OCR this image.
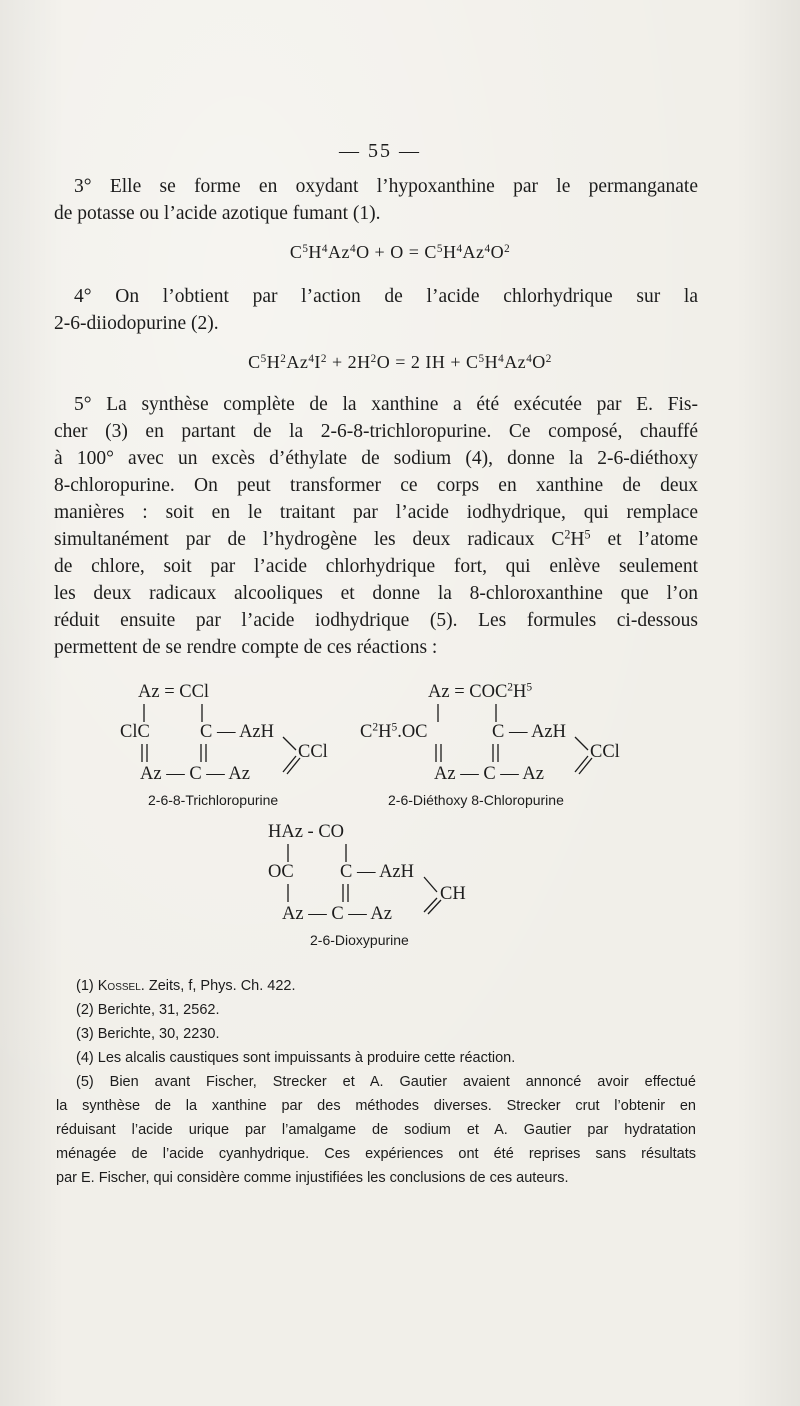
— 55 —
3° Elle se forme en oxydant l’hypoxanthine par le permanganate
de potasse ou l’acide azotique fumant (1).
$C^5H^4Az^4O + O = C^5H^4Az^4O^2$
4° On l’obtient par l’action de l’acide chlorhydrique sur la
2-6-diiodopurine (2).
$C^5H^2Az^4I^2 + 2H^2O = 2$ IH + $C^5H^4Az^4O^2$
5° La synthèse complète de la xanthine a été exécutée par E. Fis-
cher (3) en partant de la 2-6-8-trichloropurine. Ce composé, chauffé
à 100° avec un excès d’éthylate de sodium (4), donne la 2-6-diéthoxy
8-chloropurine. On peut transformer ce corps en xanthine de deux
manières : soit en le traitant par l’acide iodhydrique, qui remplace
simultanément par de l’hydrogène les deux radicaux $C^2H^5$ et l’atome
de chlore, soit par l’acide chlorhydrique fort, qui enlève seulement
les deux radicaux alcooliques et donne la 8-chloroxanthine que l’on
réduit ensuite par l’acide iodhydrique (5). Les formules ci-dessous
permettent de se rendre compte de ces réactions :
Az = CCl
ClC	C — AzH
CCl
Az — C — Az
2-6-8-Trichloropurine
$Az = COC^2H^5$
$C^2H^5.OC$	C — AzH
CCl
Az — C — Az
2-6-Diéthoxy 8-Chloropurine
HAz - CO
OC	C — AzH
CH
Az — C — Az
2-6-Dioxypurine
(1) Kossel. Zeits, f, Phys. Ch. 422.
(2) Berichte, 31, 2562.
(3) Berichte, 30, 2230.
(4) Les alcalis caustiques sont impuissants à produire cette réaction.
(5) Bien avant Fischer, Strecker et A. Gautier avaient annoncé avoir effectué
la synthèse de la xanthine par des méthodes diverses. Strecker crut l’obtenir en
réduisant l’acide urique par l’amalgame de sodium et A. Gautier par hydratation
ménagée de l’acide cyanhydrique. Ces expériences ont été reprises sans résultats
par E. Fischer, qui considère comme injustifiées les conclusions de ces auteurs.
